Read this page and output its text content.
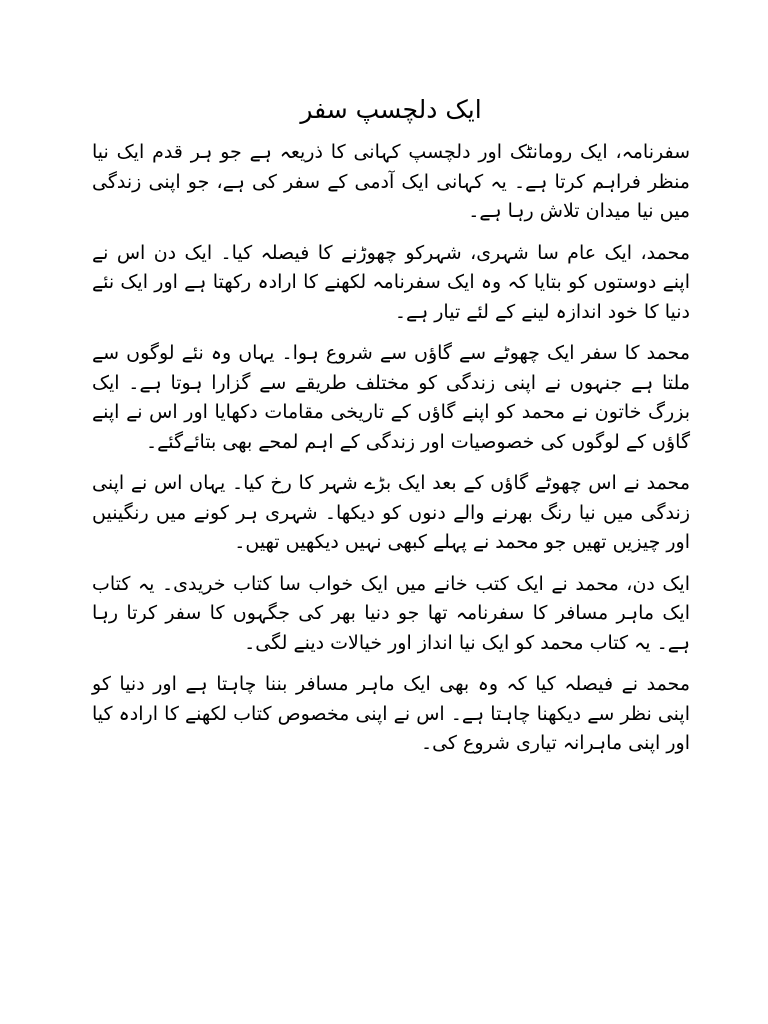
ایک دلچسپ سفر

سفرنامہ، ایک رومانٹک اور دلچسپ کہانی کا ذریعہ ہے جو ہر قدم ایک نیا منظر فراہم کرتا ہے۔ یہ کہانی ایک آدمی کے سفر کی ہے، جو اپنی زندگی میں نیا میدان تلاش رہا ہے۔

محمد، ایک عام سا شہری، شہرکو چھوڑنے کا فیصلہ کیا۔ ایک دن اس نے اپنے دوستوں کو بتایا کہ وہ ایک سفرنامہ لکھنے کا ارادہ رکھتا ہے اور ایک نئے دنیا کا خود اندازہ لینے کے لئے تیار ہے۔

محمد کا سفر ایک چھوٹے سے گاؤں سے شروع ہوا۔ یہاں وہ نئے لوگوں سے ملتا ہے جنہوں نے اپنی زندگی کو مختلف طریقے سے گزارا ہوتا ہے۔ ایک بزرگ خاتون نے محمد کو اپنے گاؤں کے تاریخی مقامات دکھایا اور اس نے اپنے گاؤں کے لوگوں کی خصوصیات اور زندگی کے اہم لمحے بھی بتائےگئے۔

محمد نے اس چھوٹے گاؤں کے بعد ایک بڑے شہر کا رخ کیا۔ یہاں اس نے اپنی زندگی میں نیا رنگ بھرنے والے دنوں کو دیکھا۔ شہری ہر کونے میں رنگینیں اور چیزیں تھیں جو محمد نے پہلے کبھی نہیں دیکھیں تھیں۔

ایک دن، محمد نے ایک کتب خانے میں ایک خواب سا کتاب خریدی۔ یہ کتاب ایک ماہر مسافر کا سفرنامہ تھا جو دنیا بھر کی جگہوں کا سفر کرتا رہا ہے۔ یہ کتاب محمد کو ایک نیا انداز اور خیالات دینے لگی۔

محمد نے فیصلہ کیا کہ وہ بھی ایک ماہر مسافر بننا چاہتا ہے اور دنیا کو اپنی نظر سے دیکھنا چاہتا ہے۔ اس نے اپنی مخصوص کتاب لکھنے کا ارادہ کیا اور اپنی ماہرانہ تیاری شروع کی۔
